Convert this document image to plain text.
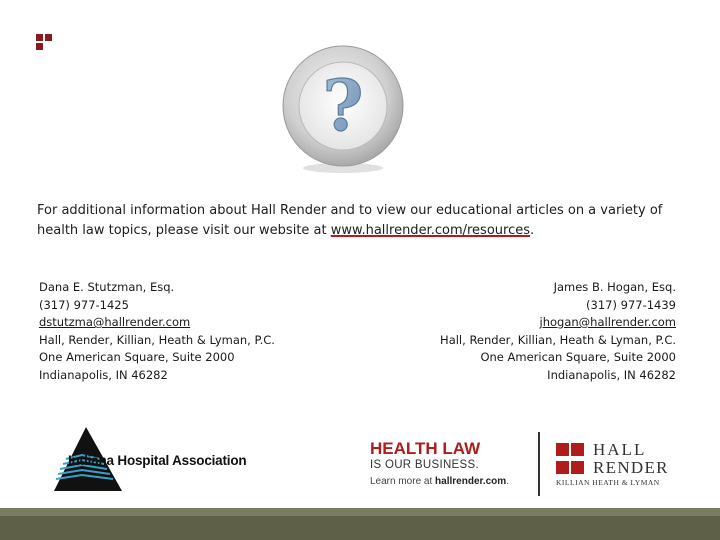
?
For additional information about Hall Render and to view our educational articles on a variety of health law topics, please visit our website at www.hallrender.com/resources.
Dana E. Stutzman, Esq.
(317) 977-1425
dstutzma@hallrender.com
Hall, Render, Killian, Heath & Lyman, P.C.
One American Square, Suite 2000
Indianapolis, IN 46282
James B. Hogan, Esq.
(317) 977-1439
jhogan@hallrender.com
Hall, Render, Killian, Heath & Lyman, P.C.
One American Square, Suite 2000
Indianapolis, IN 46282
Indiana Hospital Association
HEALTH LAW
IS OUR BUSINESS.
Learn more at hallrender.com.
HALL
RENDER
KILLIAN HEATH & LYMAN
